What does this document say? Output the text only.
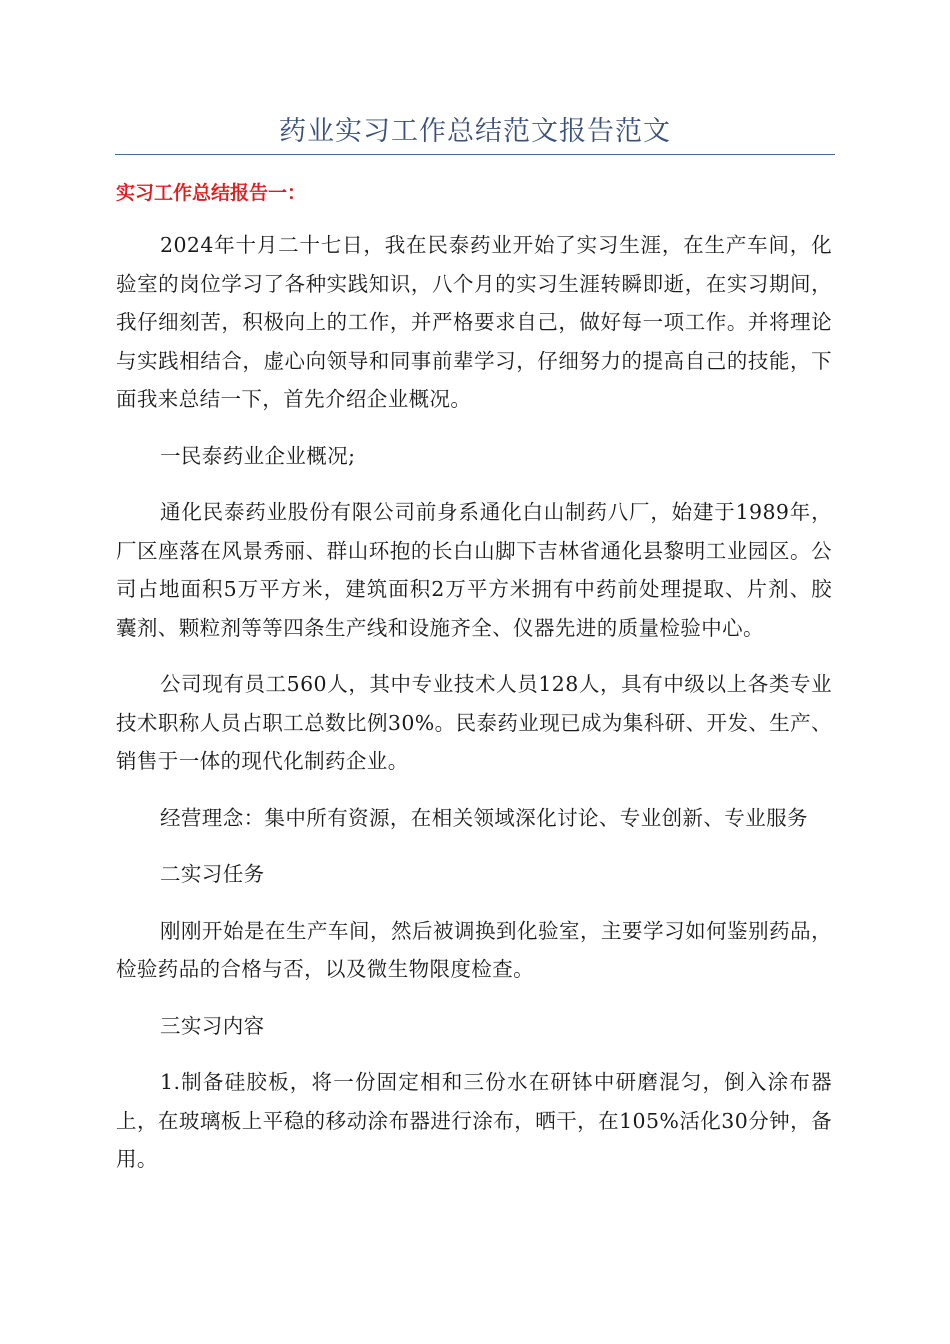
药业实习工作总结范文报告范文
实习工作总结报告一：

2024年十月二十七日，我在民泰药业开始了实习生涯，在生产车间，化验室的岗位学习了各种实践知识，八个月的实习生涯转瞬即逝，在实习期间，我仔细刻苦，积极向上的工作，并严格要求自己，做好每一项工作。并将理论与实践相结合，虚心向领导和同事前辈学习，仔细努力的提高自己的技能，下面我来总结一下，首先介绍企业概况。

一民泰药业企业概况;

通化民泰药业股份有限公司前身系通化白山制药八厂，始建于1989年，厂区座落在风景秀丽、群山环抱的长白山脚下吉林省通化县黎明工业园区。公司占地面积5万平方米，建筑面积2万平方米拥有中药前处理提取、片剂、胶囊剂、颗粒剂等等四条生产线和设施齐全、仪器先进的质量检验中心。

公司现有员工560人，其中专业技术人员128人，具有中级以上各类专业技术职称人员占职工总数比例30%。民泰药业现已成为集科研、开发、生产、销售于一体的现代化制药企业。

经营理念：集中所有资源，在相关领域深化讨论、专业创新、专业服务

二实习任务

刚刚开始是在生产车间，然后被调换到化验室，主要学习如何鉴别药品，检验药品的合格与否，以及微生物限度检查。

三实习内容

1.制备硅胶板，将一份固定相和三份水在研钵中研磨混匀，倒入涂布器上，在玻璃板上平稳的移动涂布器进行涂布，晒干，在105%活化30分钟，备用。
